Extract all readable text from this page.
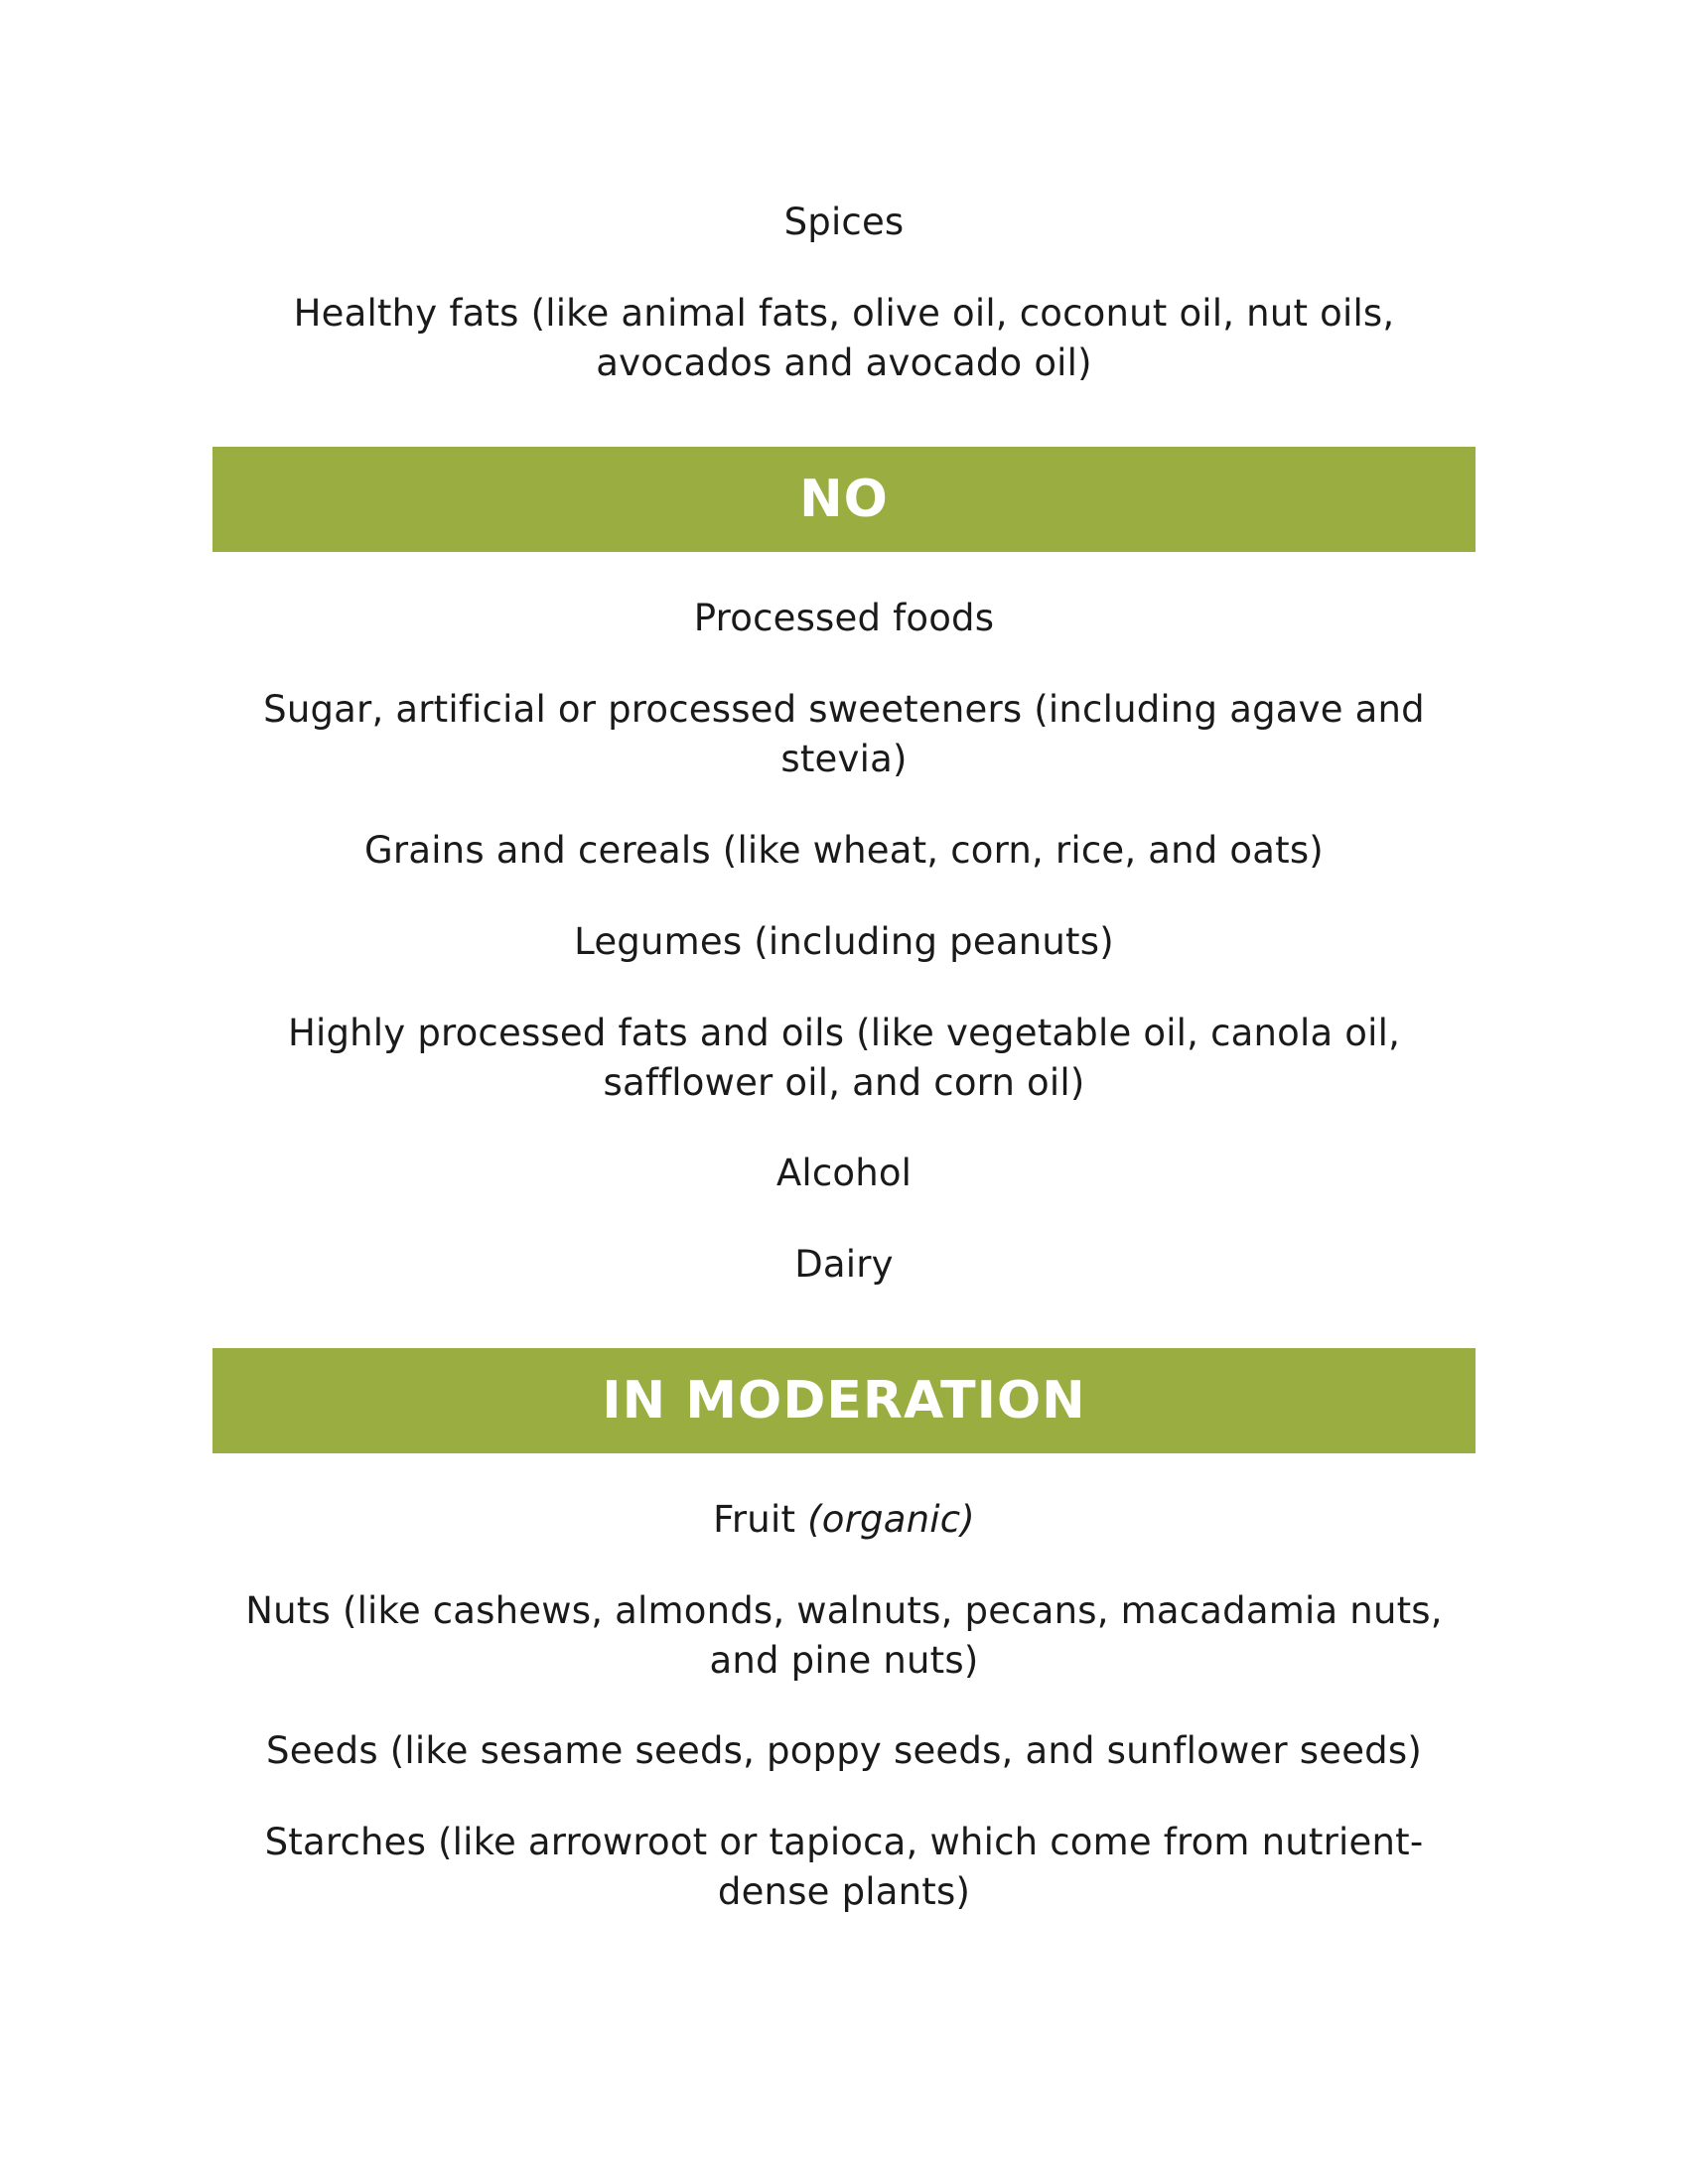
Spices
Healthy fats (like animal fats, olive oil, coconut oil, nut oils, avocados and avocado oil)
NO
Processed foods
Sugar, artificial or processed sweeteners (including agave and stevia)
Grains and cereals (like wheat, corn, rice, and oats)
Legumes (including peanuts)
Highly processed fats and oils (like vegetable oil, canola oil, safflower oil, and corn oil)
Alcohol
Dairy
IN MODERATION
Fruit (organic)
Nuts (like cashews, almonds, walnuts, pecans, macadamia nuts, and pine nuts)
Seeds (like sesame seeds, poppy seeds, and sunflower seeds)
Starches (like arrowroot or tapioca, which come from nutrient-dense plants)
